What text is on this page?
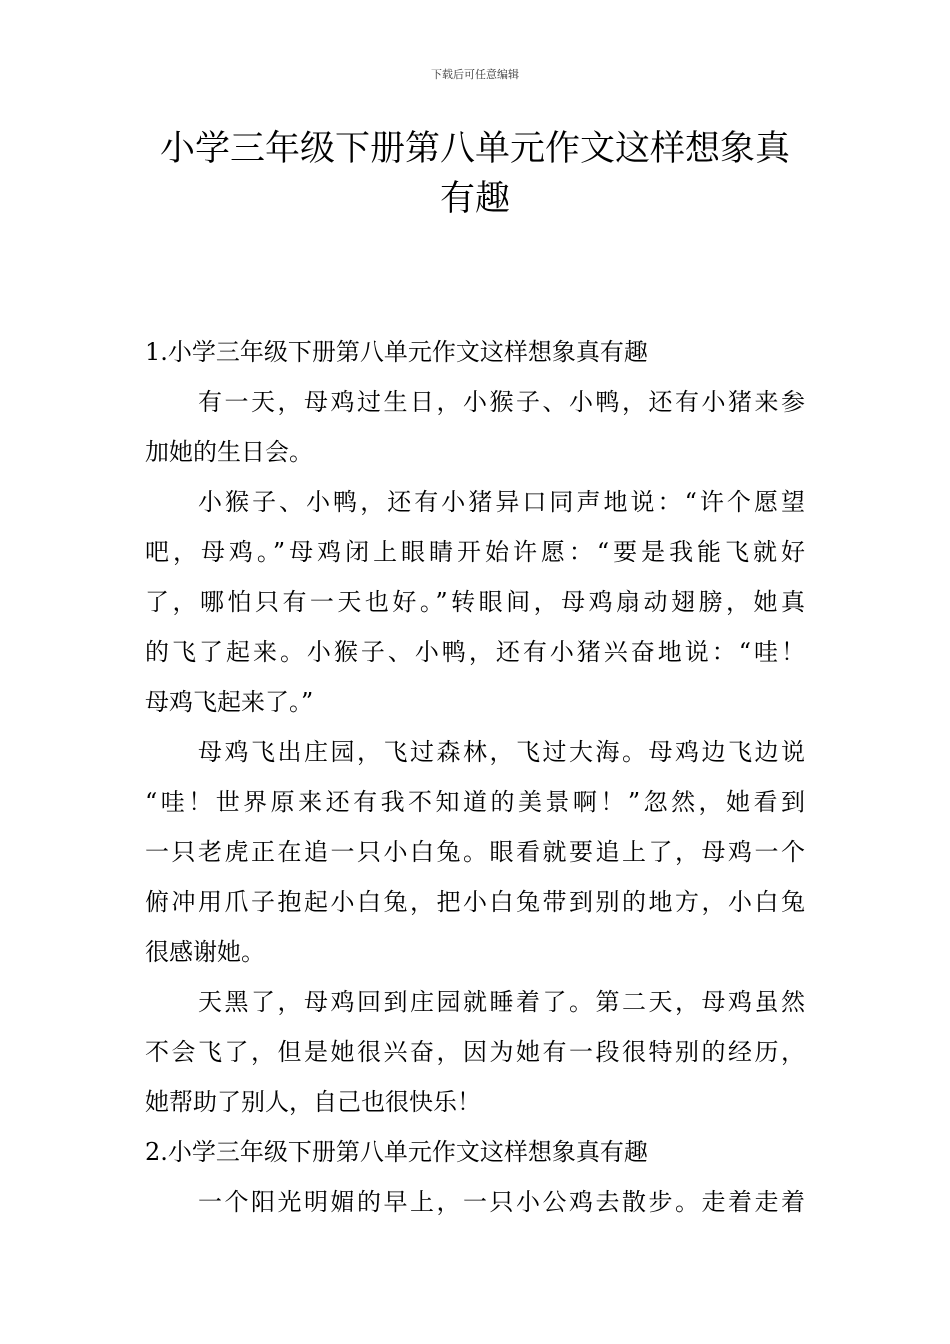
下载后可任意编辑
小学三年级下册第八单元作文这样想象真
有趣
1.小学三年级下册第八单元作文这样想象真有趣
有一天，母鸡过生日，小猴子、小鸭，还有小猪来参
加她的生日会。
小猴子、小鸭，还有小猪异口同声地说：“许个愿望
吧，母鸡。”母鸡闭上眼睛开始许愿：“要是我能飞就好
了，哪怕只有一天也好。”转眼间，母鸡扇动翅膀，她真
的飞了起来。小猴子、小鸭，还有小猪兴奋地说：“哇！
母鸡飞起来了。”
母鸡飞出庄园，飞过森林，飞过大海。母鸡边飞边说
“哇！世界原来还有我不知道的美景啊！”忽然，她看到
一只老虎正在追一只小白兔。眼看就要追上了，母鸡一个
俯冲用爪子抱起小白兔，把小白兔带到别的地方，小白兔
很感谢她。
天黑了，母鸡回到庄园就睡着了。第二天，母鸡虽然
不会飞了，但是她很兴奋，因为她有一段很特别的经历，
她帮助了别人，自己也很快乐！
2.小学三年级下册第八单元作文这样想象真有趣
一个阳光明媚的早上，一只小公鸡去散步。走着走着
